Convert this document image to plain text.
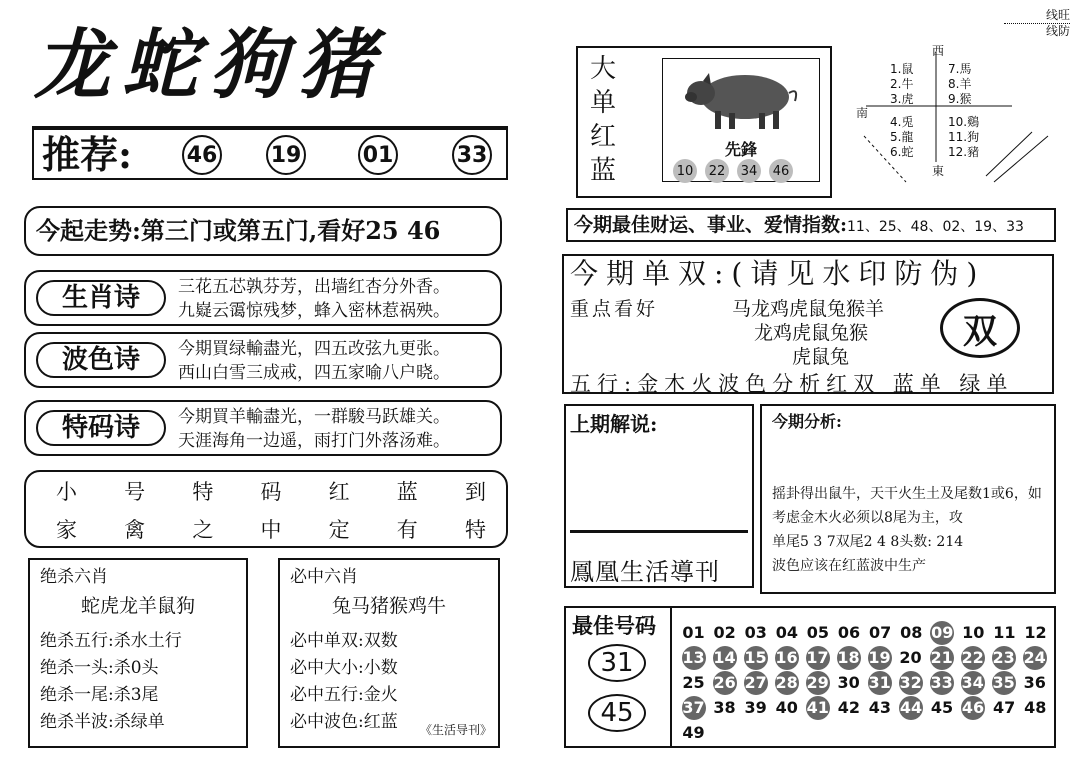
龙蛇狗猪
推荐: 46 19	01	33
今起走势:第三门或第五门,看好25 46
生肖诗	三花五芯孰芬芳，出墙红杏分外香。
九嶷云霭惊残梦，蜂入密林惹祸殃。
波色诗	今期買绿輸盡光，四五改弦九更张。
西山白雪三成戒，四五家喻八户晓。
特码诗	今期買羊輸盡光，一群駿马跃雄关。
天涯海角一边遥，雨打门外落汤难。
小 号 特 码 红 蓝 到
家 禽 之 中 定 有 特
绝杀六肖
蛇虎龙羊鼠狗
绝杀五行: 杀水土行
绝杀一头: 杀0头
绝杀一尾: 杀3尾
绝杀半波: 杀绿单
必中六肖
兔马猪猴鸡牛
必中单双: 双数
必中大小: 小数
必中五行: 金火
必中波色: 红蓝 《生活导刊》
大单红蓝
先鋒
10 22 34 46
西
南
東
1.鼠
2.牛
3.虎
4.兎
5.龍
6.蛇
7.馬
8.羊
9.猴
10.鷄
11.狗
12.豬
线旺
线防
今期最佳财运、事业、爱情指数:11、25、48、02、19、33
今期单双:(请见水印防伪)
重点看好	马龙鸡虎鼠兔猴羊
龙鸡虎鼠兔猴
虎鼠兔
双
五行:金木火波色分析红双 蓝单 绿单
上期解说:
鳳凰生活導刊
今期分析:
摇卦得出鼠牛，天干火生土及尾数1或6，如考虑金木火必须以8尾为主，攻
单尾5 3 7双尾2 4 8头数: 214
波色应该在红蓝波中生产
最佳号码
31
45
01 02 03 04 05 06 07 08 09 10 11 12
13 14 15 16 17 18 19 20 21 22 23 24
25 26 27 28 29 30 31 32 33 34 35 36
37 38 39 40 41 42 43 44 45 46 47 48
49
